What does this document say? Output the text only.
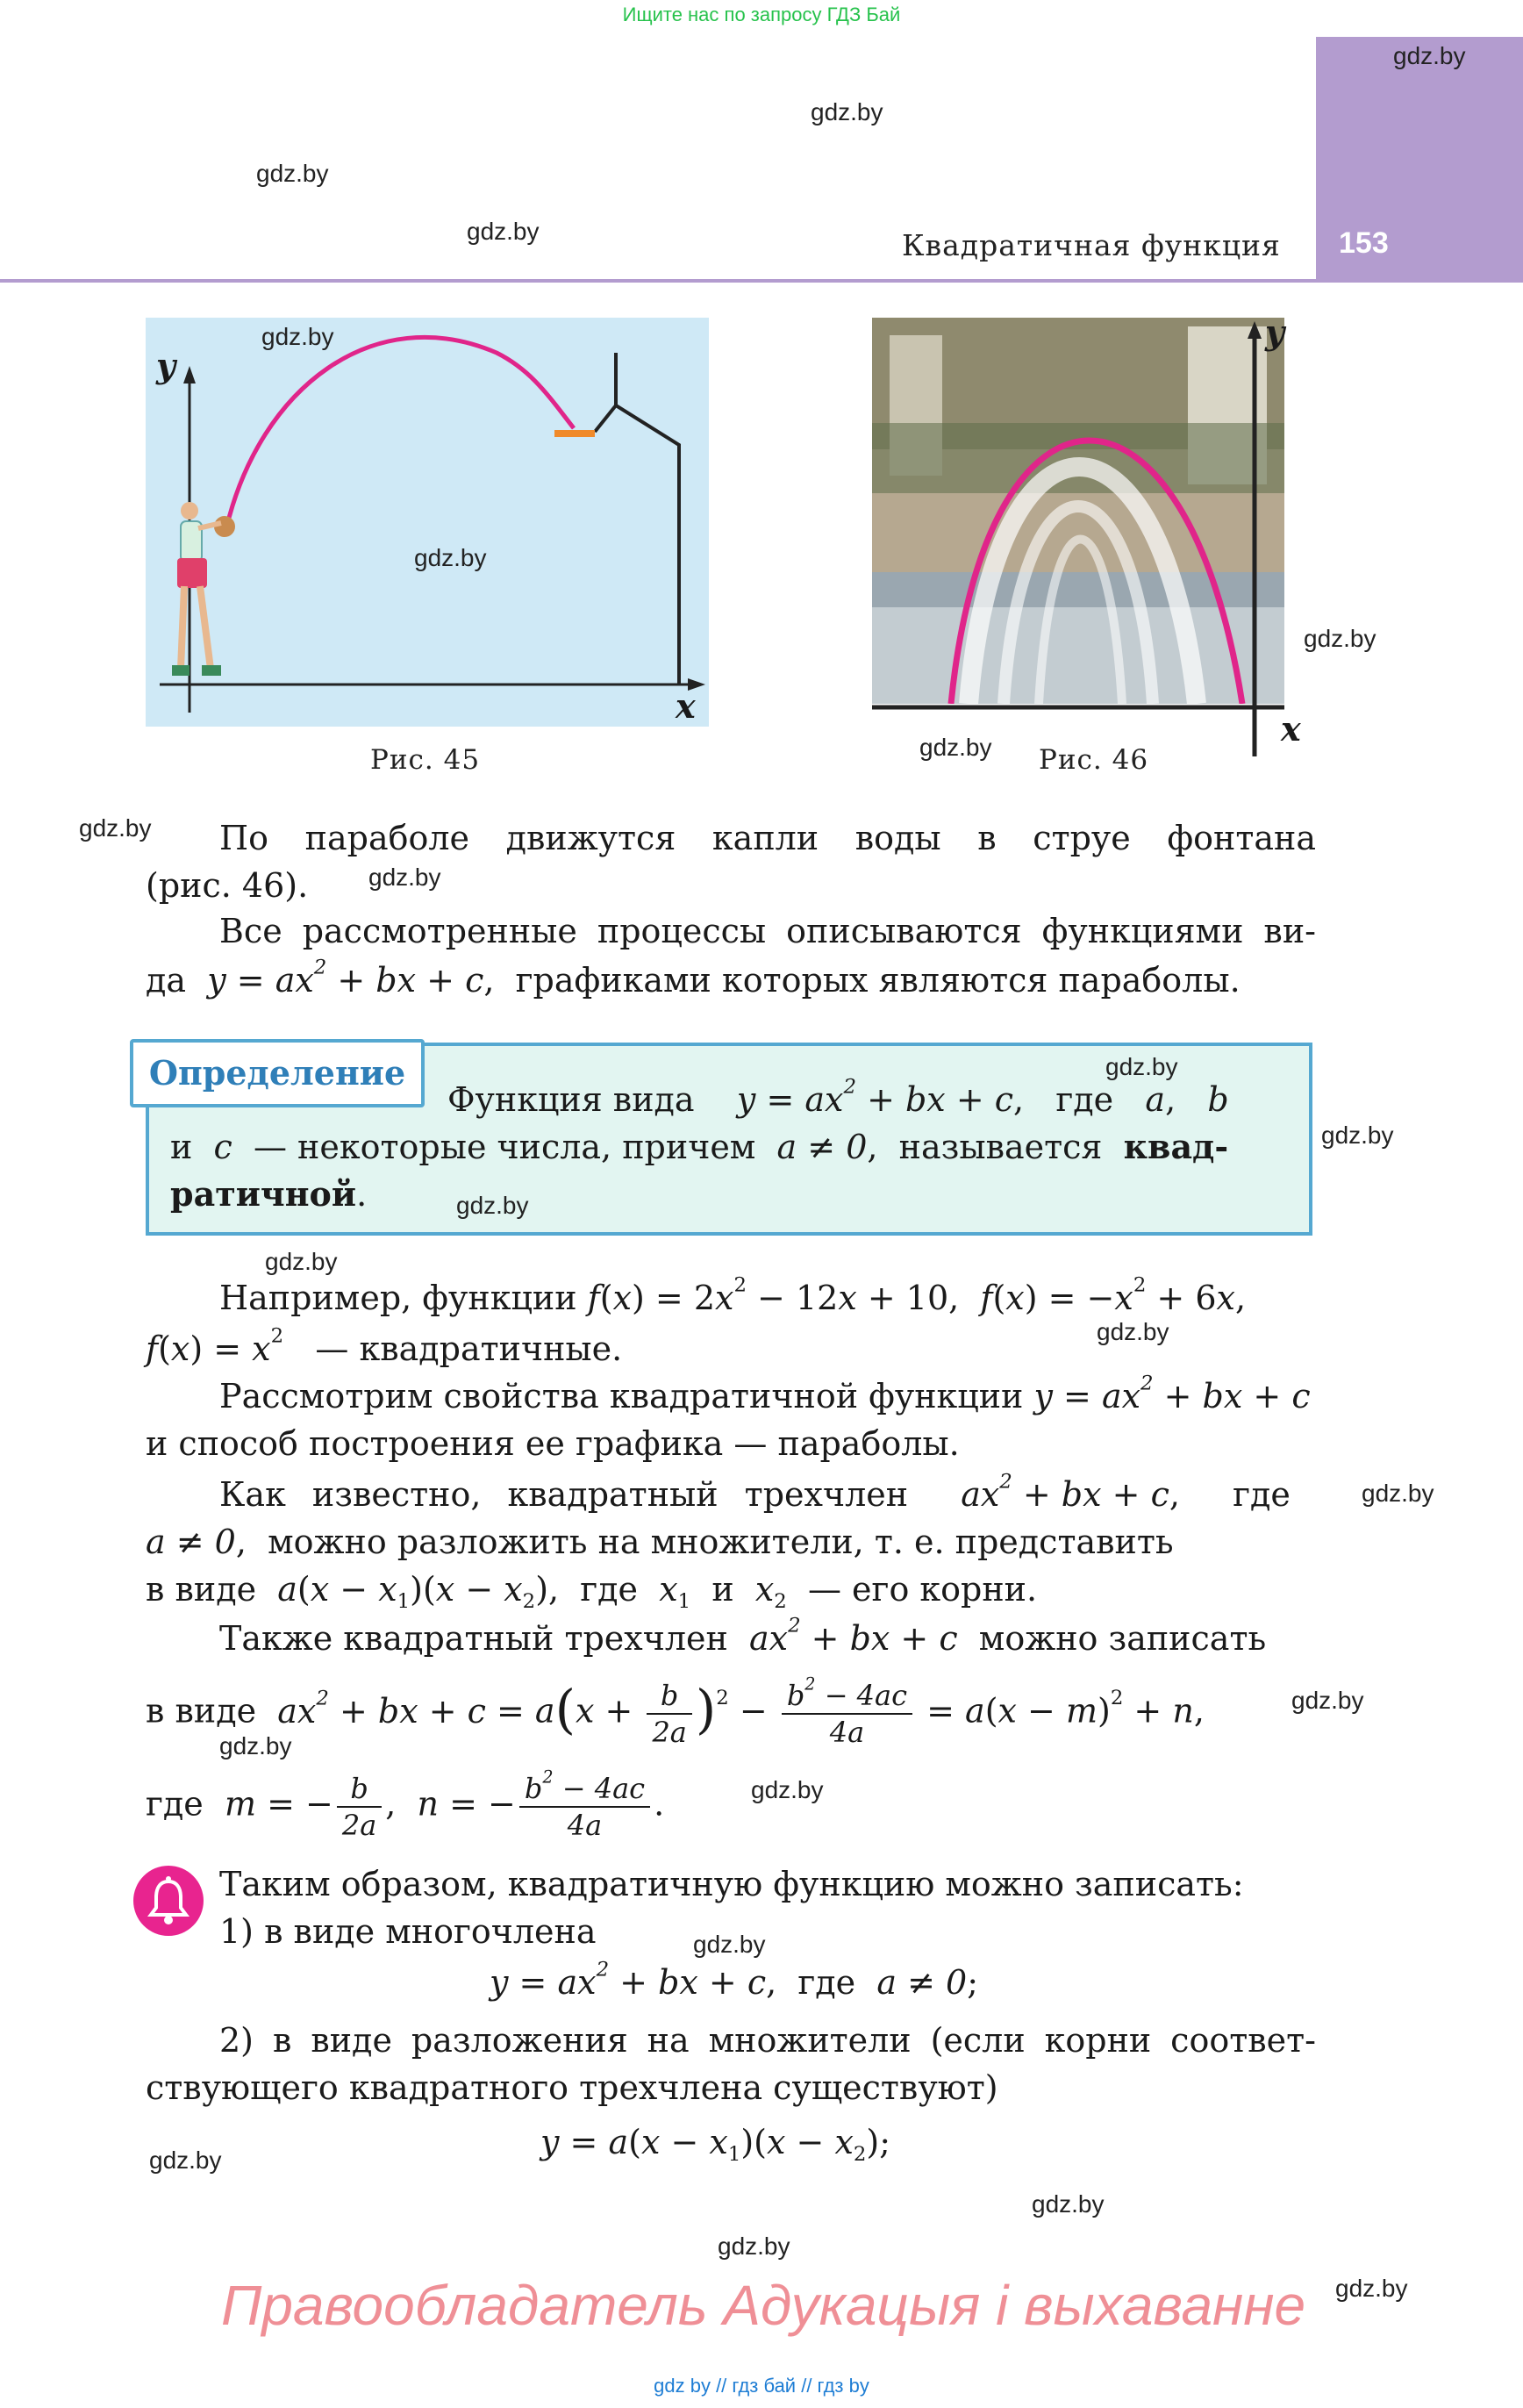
Ищите нас по запросу ГДЗ Бай
153
Квадратичная функция
gdz.by
gdz.by
gdz.by
gdz.by
y
x
gdz.by
gdz.by
Рис. 45
y
x
gdz.by
gdz.by Рис. 46
gdz.by По параболе движутся капли воды в струе фонтана
(рис. 46). gdz.by
Все рассмотренные процессы описываются функциями ви-
да $y = ax^2$ + bx + c,  графиками которых являются параболы.
Определение	gdz.by
gdz.by
Функция вида $y = ax^2$ + bx + c,   где a,   b
и c — некоторые числа, причем a ≠ 0,  называется квад-
ратичной.	gdz.by
gdz.by
Например, функции $f(x) = 2x^2 - 12x + 10$,  $f(x) = -x^2 + 6x$,
$f(x) = x^2$ — квадратичные.	gdz.by
Рассмотрим свойства квадратичной функции $y = ax^2$ + bx + c
и способ построения ее графика — параболы.
Как известно, квадратный трехчлен $ax^2$ + bx + c,  где	gdz.by
a ≠ 0,  можно разложить на множители, т. е. представить
в виде $a(x - x_1)(x - x_2)$,  где $x_1$ и $x_2$ — его корни.
Также квадратный трехчлен $ax^2$ + bx + c можно записать
в виде $ax^2$ + bx + $c = a(x + \frac{b}{2a} )^2 - \frac{b^2 - 4ac}{4a} = a(x - m)^2 + n$,	gdz.by
gdz.by
где m = − $\frac{b}{2a}$ ,  n = − $\frac{b^2 - 4ac}{4a}$ .	gdz.by
Таким образом, квадратичную функцию можно записать:
1) в виде многочлена	gdz.by
$y = ax^2$ + bx + c,  где a ≠ 0;
2) в виде разложения на множители (если корни соответ-
ствующего квадратного трехчлена существуют)
$y = a(x - x_1)(x - x_2)$;
gdz.by
gdz.by
gdz.by
gdz.by
Правообладатель Адукацыя і выхаванне
gdz by // гдз бай // гдз by
